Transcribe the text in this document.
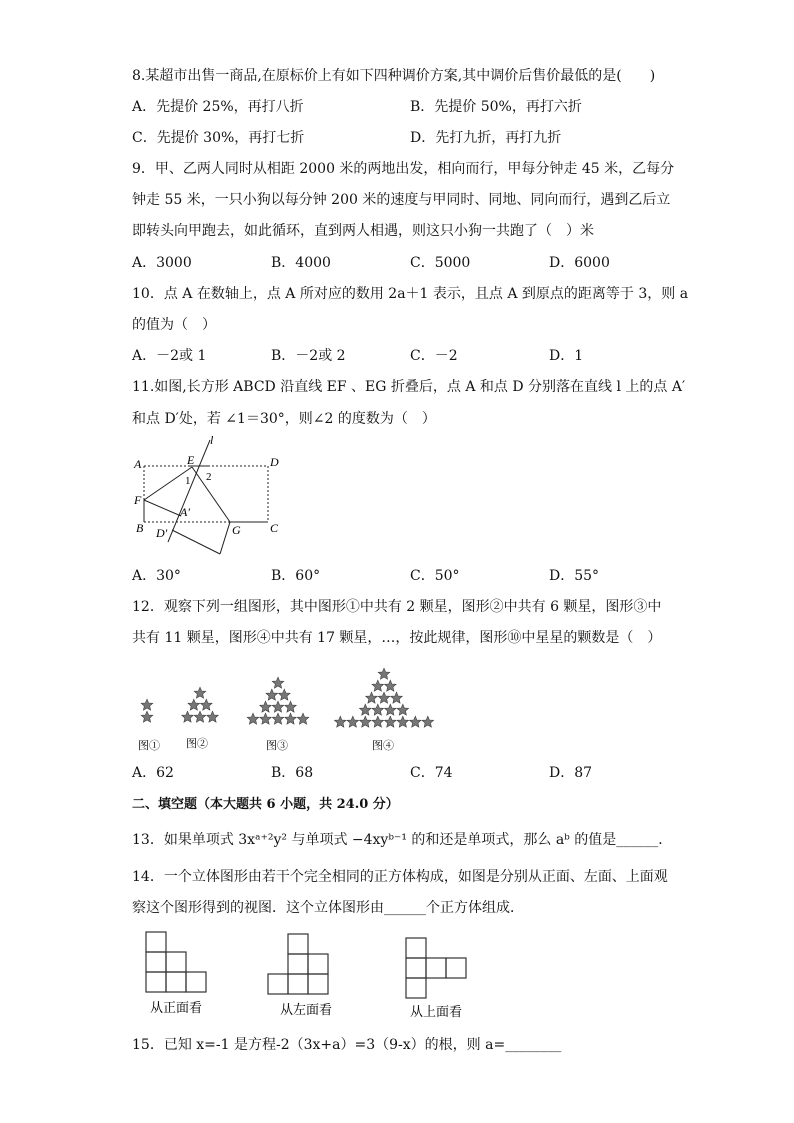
8.某超市出售一商品,在原标价上有如下四种调价方案,其中调价后售价最低的是(　　)
A．先提价 25%，再打八折	B．先提价 50%，再打六折
C．先提价 30%，再打七折	D．先打九折，再打九折
9．甲、乙两人同时从相距 2000 米的两地出发，相向而行，甲每分钟走 45 米，乙每分
钟走 55 米，一只小狗以每分钟 200 米的速度与甲同时、同地、同向而行，遇到乙后立
即转头向甲跑去，如此循环，直到两人相遇，则这只小狗一共跑了（　）米
A．3000	B．4000	C．5000	D．6000
10．点 A 在数轴上，点 A 所对应的数用 2a＋1 表示，且点 A 到原点的距离等于 3，则 a
的值为（　）
A．－2或 1	B．－2或 2	C．－2	D．1
11.如图,长方形 ABCD 沿直线 EF 、EG 折叠后，点 A 和点 D 分别落在直线 l 上的点 A′
和点 D′处，若 ∠1＝30°，则∠2 的度数为（　）
l
A	E	D
1 2
F
A′
B D′	G C
A．30°	B．60°	C．50°	D．55°
12．观察下列一组图形，其中图形①中共有 2 颗星，图形②中共有 6 颗星，图形③中
共有 11 颗星，图形④中共有 17 颗星，…，按此规律，图形⑩中星星的颗数是（　）
图① 图②	图③	图④
A．62	B．68	C．74	D．87
二、填空题（本大题共 6 小题，共 24.0 分）
13．如果单项式 3xᵃ⁺²y² 与单项式 −4xyᵇ⁻¹ 的和还是单项式，那么 aᵇ 的值是______．
14．一个立体图形由若干个完全相同的正方体构成，如图是分别从正面、左面、上面观
察这个图形得到的视图．这个立体图形由______个正方体组成．
从正面看	从左面看	从上面看
15．已知 x=-1 是方程-2（3x+a）=3（9-x）的根，则 a=________
